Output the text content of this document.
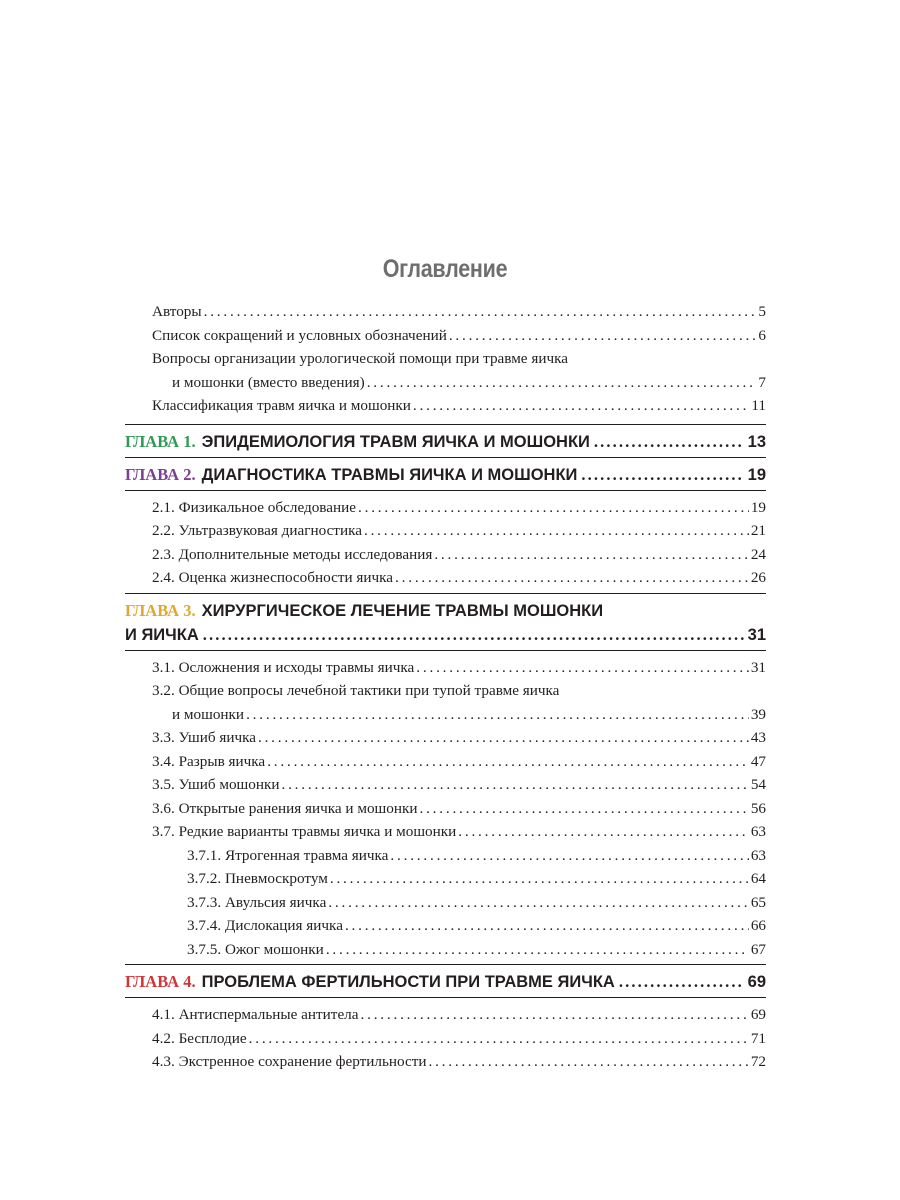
Оглавление
Авторы . . .	5
Список сокращений и условных обозначений . . .	6
Вопросы организации урологической помощи при травме яичка
и мошонки (вместо введения) . . .	7
Классификация травм яичка и мошонки . . .	11
ГЛАВА 1. ЭПИДЕМИОЛОГИЯ ТРАВМ ЯИЧКА И МОШОНКИ . . .	13
ГЛАВА 2. ДИАГНОСТИКА ТРАВМЫ ЯИЧКА И МОШОНКИ . . .	19
2.1. Физикальное обследование . . .	19
2.2. Ультразвуковая диагностика . . .	21
2.3. Дополнительные методы исследования . . .	24
2.4. Оценка жизнеспособности яичка . . .	26
ГЛАВА 3. ХИРУРГИЧЕСКОЕ ЛЕЧЕНИЕ ТРАВМЫ МОШОНКИ
И ЯИЧКА . . .	31
3.1. Осложнения и исходы травмы яичка . . .	31
3.2. Общие вопросы лечебной тактики при тупой травме яичка
и мошонки . . .	39
3.3. Ушиб яичка . . .	43
3.4. Разрыв яичка . . .	47
3.5. Ушиб мошонки . . .	54
3.6. Открытые ранения яичка и мошонки . . .	56
3.7. Редкие варианты травмы яичка и мошонки . . .	63
3.7.1. Ятрогенная травма яичка . . .	63
3.7.2. Пневмоскротум . . .	64
3.7.3. Авульсия яичка . . .	65
3.7.4. Дислокация яичка . . .	66
3.7.5. Ожог мошонки . . .	67
ГЛАВА 4. ПРОБЛЕМА ФЕРТИЛЬНОСТИ ПРИ ТРАВМЕ ЯИЧКА . . .	69
4.1. Антиспермальные антитела . . .	69
4.2. Бесплодие . . .	71
4.3. Экстренное сохранение фертильности . . .	72
